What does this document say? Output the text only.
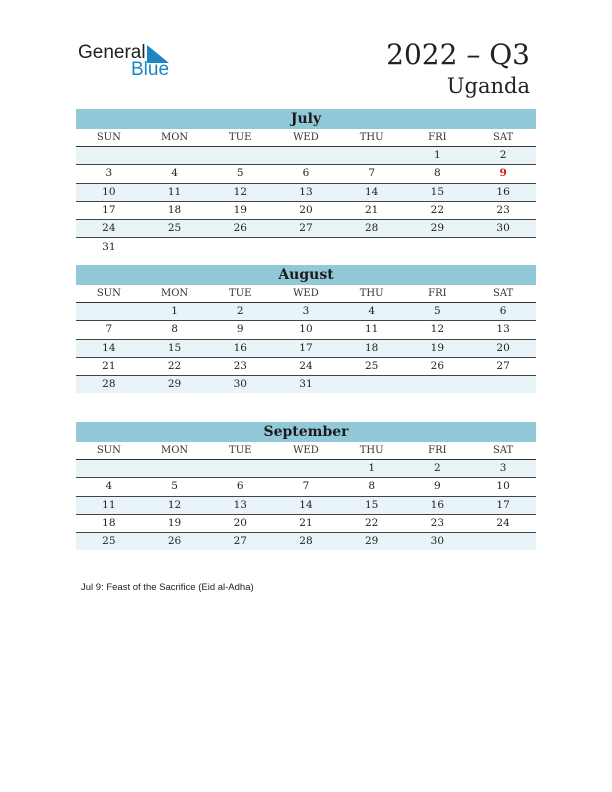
General
Blue	2022 – Q3
Uganda
July
SUN	MON	TUE	WED	THU	FRI	SAT
					1	2
3	4	5	6	7	8	9
10	11	12	13	14	15	16
17	18	19	20	21	22	23
24	25	26	27	28	29	30
31						
August
SUN	MON	TUE	WED	THU	FRI	SAT
	1	2	3	4	5	6
7	8	9	10	11	12	13
14	15	16	17	18	19	20
21	22	23	24	25	26	27
28	29	30	31			
September
SUN	MON	TUE	WED	THU	FRI	SAT
				1	2	3
4	5	6	7	8	9	10
11	12	13	14	15	16	17
18	19	20	21	22	23	24
25	26	27	28	29	30	
Jul 9: Feast of the Sacrifice (Eid al-Adha)
